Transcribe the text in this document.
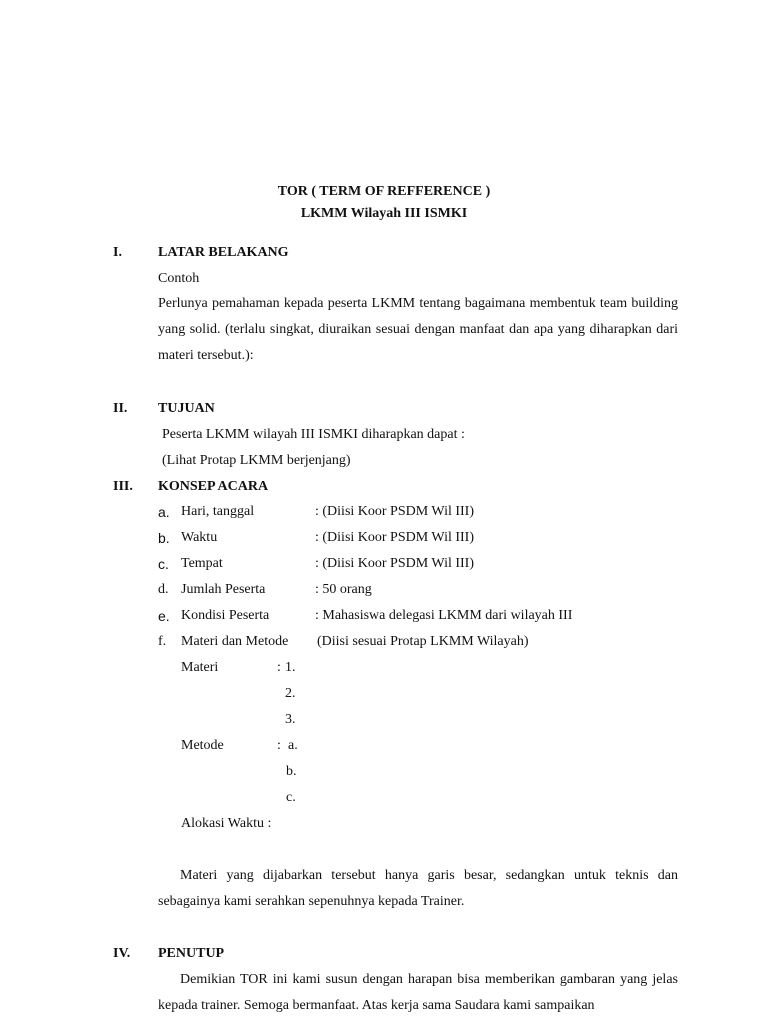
TOR ( TERM OF REFFERENCE )
LKMM Wilayah III ISMKI
I.	LATAR BELAKANG
Contoh
Perlunya pemahaman kepada peserta LKMM tentang bagaimana membentuk team building yang solid. (terlalu singkat, diuraikan sesuai dengan manfaat dan apa yang diharapkan dari materi tersebut.):
II. TUJUAN
Peserta LKMM wilayah III ISMKI diharapkan dapat :
(Lihat Protap LKMM berjenjang)
III. KONSEP ACARA
a. Hari, tanggal	: (Diisi Koor PSDM Wil III)
b. Waktu	: (Diisi Koor PSDM Wil III)
c. Tempat	: (Diisi Koor PSDM Wil III)
d. Jumlah Peserta	: 50 orang
e. Kondisi Peserta	: Mahasiswa delegasi LKMM dari wilayah III
f. Materi dan Metode (Diisi sesuai Protap LKMM Wilayah)
Materi	: 1.
2.
3.
Metode	: a.
b.
c.
Alokasi Waktu :
Materi yang dijabarkan tersebut hanya garis besar, sedangkan untuk teknis dan sebagainya kami serahkan sepenuhnya kepada Trainer.
IV. PENUTUP
Demikian TOR ini kami susun dengan harapan bisa memberikan gambaran yang jelas kepada trainer. Semoga bermanfaat. Atas kerja sama Saudara kami sampaikan
